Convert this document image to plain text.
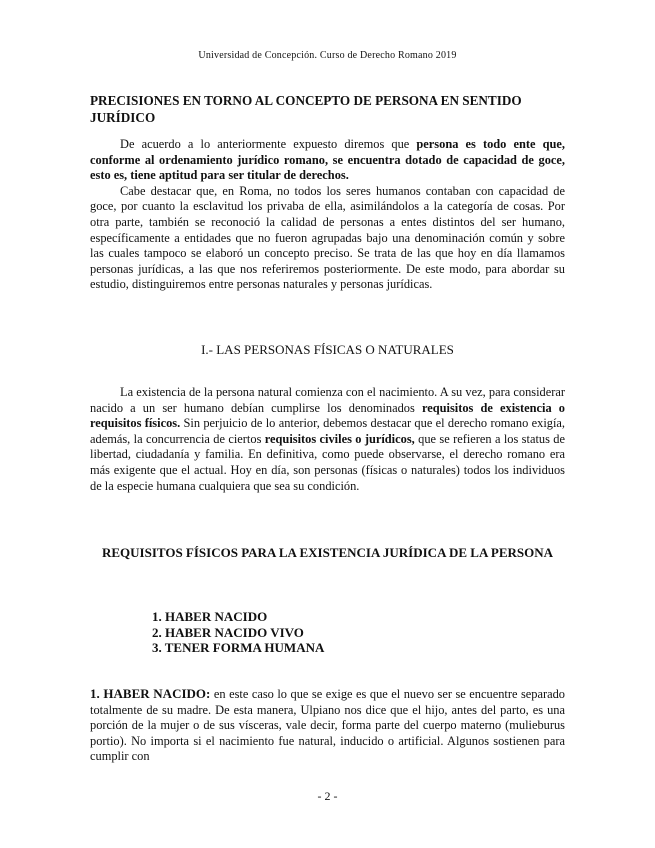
Universidad de Concepción. Curso de Derecho Romano 2019
PRECISIONES EN TORNO AL CONCEPTO DE PERSONA EN SENTIDO JURÍDICO

De acuerdo a lo anteriormente expuesto diremos que persona es todo ente que, conforme al ordenamiento jurídico romano, se encuentra dotado de capacidad de goce, esto es, tiene aptitud para ser titular de derechos.

Cabe destacar que, en Roma, no todos los seres humanos contaban con capacidad de goce, por cuanto la esclavitud los privaba de ella, asimilándolos a la categoría de cosas. Por otra parte, también se reconoció la calidad de personas a entes distintos del ser humano, específicamente a entidades que no fueron agrupadas bajo una denominación común y sobre las cuales tampoco se elaboró un concepto preciso. Se trata de las que hoy en día llamamos personas jurídicas, a las que nos referiremos posteriormente. De este modo, para abordar su estudio, distinguiremos entre personas naturales y personas jurídicas.

I.- LAS PERSONAS FÍSICAS O NATURALES

La existencia de la persona natural comienza con el nacimiento. A su vez, para considerar nacido a un ser humano debían cumplirse los denominados requisitos de existencia o requisitos físicos. Sin perjuicio de lo anterior, debemos destacar que el derecho romano exigía, además, la concurrencia de ciertos requisitos civiles o jurídicos, que se refieren a los status de libertad, ciudadanía y familia. En definitiva, como puede observarse, el derecho romano era más exigente que el actual. Hoy en día, son personas (físicas o naturales) todos los individuos de la especie humana cualquiera que sea su condición.

REQUISITOS FÍSICOS PARA LA EXISTENCIA JURÍDICA DE LA PERSONA
1. HABER NACIDO
2. HABER NACIDO VIVO
3. TENER FORMA HUMANA

1. HABER NACIDO: en este caso lo que se exige es que el nuevo ser se encuentre separado totalmente de su madre. De esta manera, Ulpiano nos dice que el hijo, antes del parto, es una porción de la mujer o de sus vísceras, vale decir, forma parte del cuerpo materno (mulieburus portio). No importa si el nacimiento fue natural, inducido o artificial. Algunos sostienen para cumplir con

- 2 -
